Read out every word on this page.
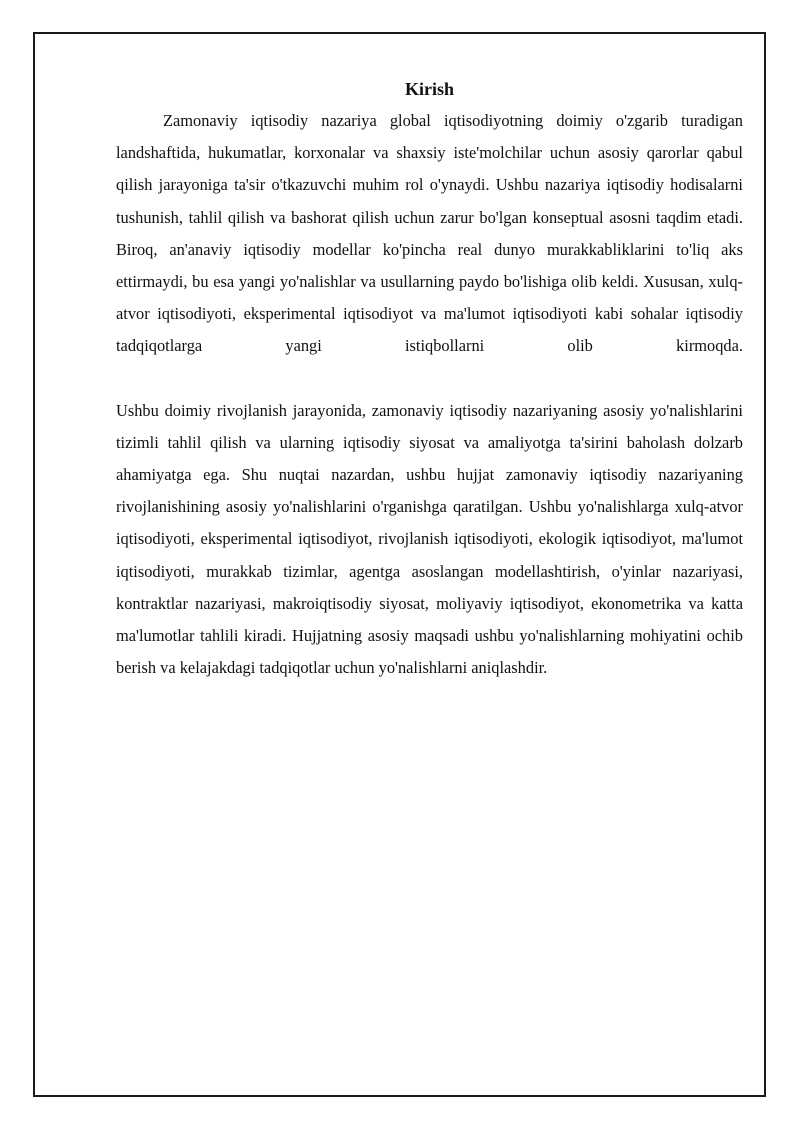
Kirish

Zamonaviy iqtisodiy nazariya global iqtisodiyotning doimiy o'zgarib turadigan landshaftida, hukumatlar, korxonalar va shaxsiy iste'molchilar uchun asosiy qarorlar qabul qilish jarayoniga ta'sir o'tkazuvchi muhim rol o'ynaydi. Ushbu nazariya iqtisodiy hodisalarni tushunish, tahlil qilish va bashorat qilish uchun zarur bo'lgan konseptual asosni taqdim etadi. Biroq, an'anaviy iqtisodiy modellar ko'pincha real dunyo murakkabliklarini to'liq aks ettirmaydi, bu esa yangi yo'nalishlar va usullarning paydo bo'lishiga olib keldi. Xususan, xulq-atvor iqtisodiyoti, eksperimental iqtisodiyot va ma'lumot iqtisodiyoti kabi sohalar iqtisodiy tadqiqotlarga yangi istiqbollarni olib kirmoqda.

Ushbu doimiy rivojlanish jarayonida, zamonaviy iqtisodiy nazariyaning asosiy yo'nalishlarini tizimli tahlil qilish va ularning iqtisodiy siyosat va amaliyotga ta'sirini baholash dolzarb ahamiyatga ega. Shu nuqtai nazardan, ushbu hujjat zamonaviy iqtisodiy nazariyaning rivojlanishining asosiy yo'nalishlarini o'rganishga qaratilgan. Ushbu yo'nalishlarga xulq-atvor iqtisodiyoti, eksperimental iqtisodiyot, rivojlanish iqtisodiyoti, ekologik iqtisodiyot, ma'lumot iqtisodiyoti, murakkab tizimlar, agentga asoslangan modellashtirish, o'yinlar nazariyasi, kontraktlar nazariyasi, makroiqtisodiy siyosat, moliyaviy iqtisodiyot, ekonometrika va katta ma'lumotlar tahlili kiradi. Hujjatning asosiy maqsadi ushbu yo'nalishlarning mohiyatini ochib berish va kelajakdagi tadqiqotlar uchun yo'nalishlarni aniqlashdir.
